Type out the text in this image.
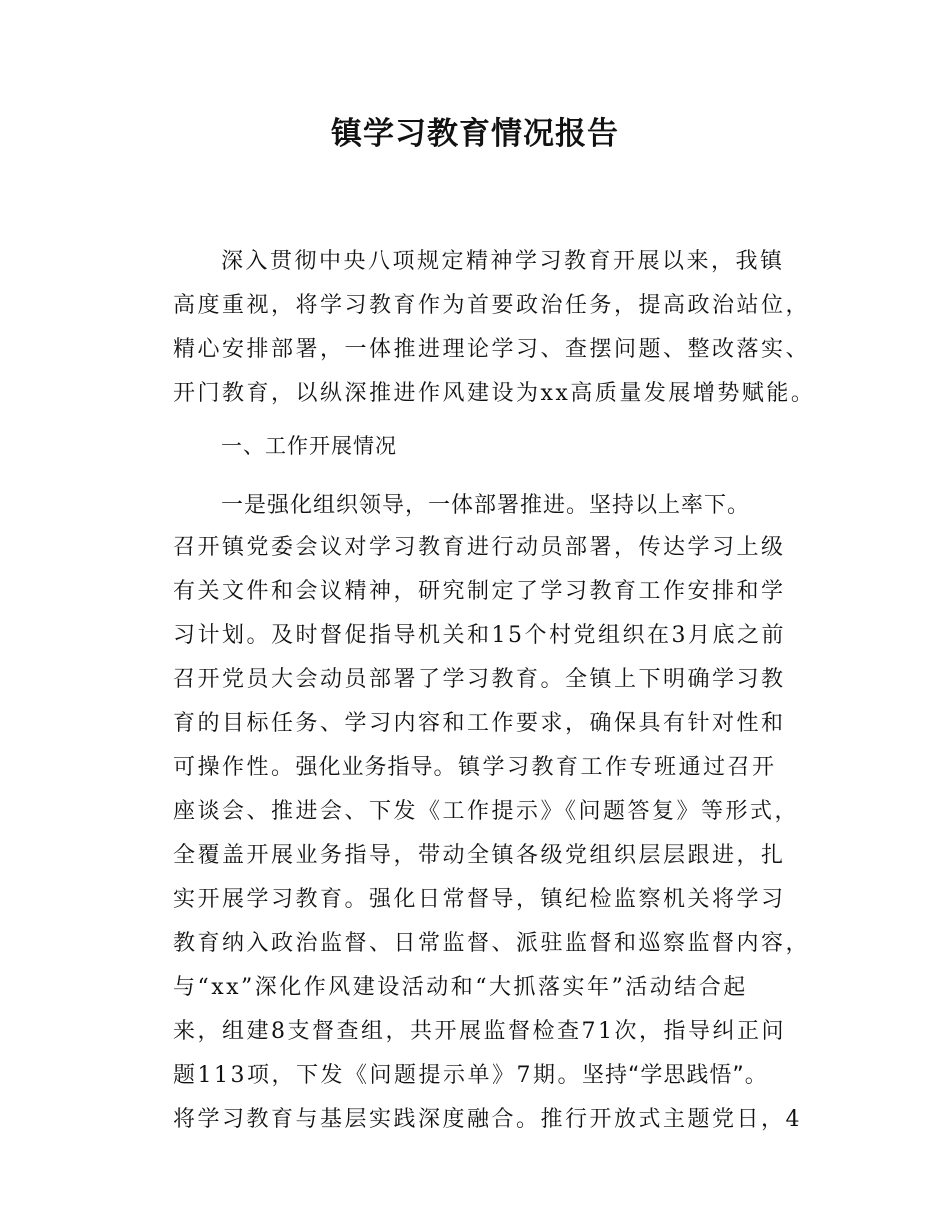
镇学习教育情况报告
深入贯彻中央八项规定精神学习教育开展以来，我镇
高度重视，将学习教育作为首要政治任务，提高政治站位，
精心安排部署，一体推进理论学习、查摆问题、整改落实、
开门教育，以纵深推进作风建设为xx高质量发展增势赋能。
一、工作开展情况
一是强化组织领导，一体部署推进。坚持以上率下。
召开镇党委会议对学习教育进行动员部署，传达学习上级
有关文件和会议精神，研究制定了学习教育工作安排和学
习计划。及时督促指导机关和15个村党组织在3月底之前
召开党员大会动员部署了学习教育。全镇上下明确学习教
育的目标任务、学习内容和工作要求，确保具有针对性和
可操作性。强化业务指导。镇学习教育工作专班通过召开
座谈会、推进会、下发《工作提示》《问题答复》等形式，
全覆盖开展业务指导，带动全镇各级党组织层层跟进，扎
实开展学习教育。强化日常督导，镇纪检监察机关将学习
教育纳入政治监督、日常监督、派驻监督和巡察监督内容，
与“xx”深化作风建设活动和“大抓落实年”活动结合起
来，组建8支督查组，共开展监督检查71次，指导纠正问
题113项，下发《问题提示单》7期。坚持“学思践悟”。
将学习教育与基层实践深度融合。推行开放式主题党日，4
